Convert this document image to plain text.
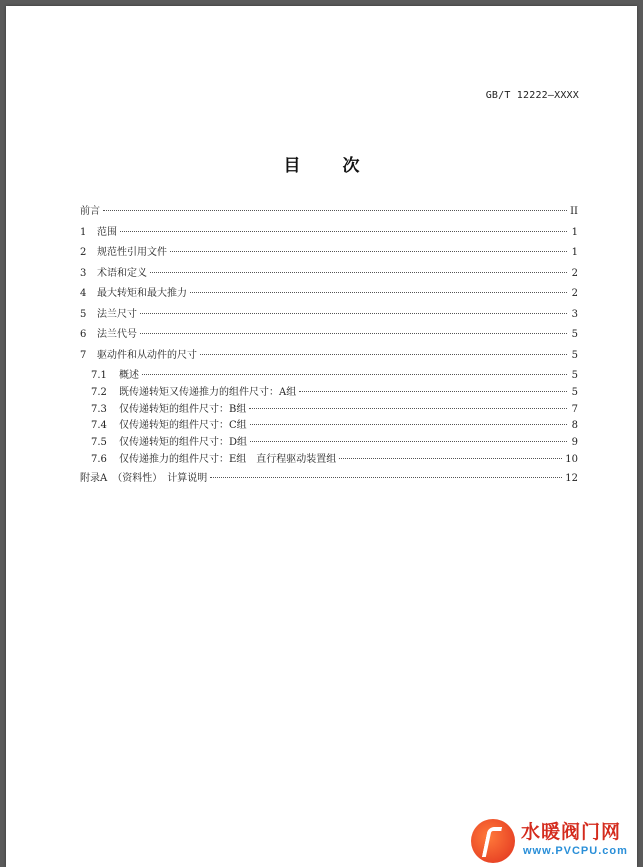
GB/T 12222—XXXX
目 次
前言	II
1	范围	1
2	规范性引用文件	1
3	术语和定义	2
4	最大转矩和最大推力	2
5	法兰尺寸	3
6	法兰代号	5
7	驱动件和从动件的尺寸	5
7.1	概述	5
7.2	既传递转矩又传递推力的组件尺寸：A组	5
7.3	仅传递转矩的组件尺寸：B组	7
7.4	仅传递转矩的组件尺寸：C组	8
7.5	仅传递转矩的组件尺寸：D组	9
7.6	仅传递推力的组件尺寸：E组　直行程驱动装置组	10
附录A　（资料性）　计算说明	12
水暖阀门网
www.PVCPU.com
